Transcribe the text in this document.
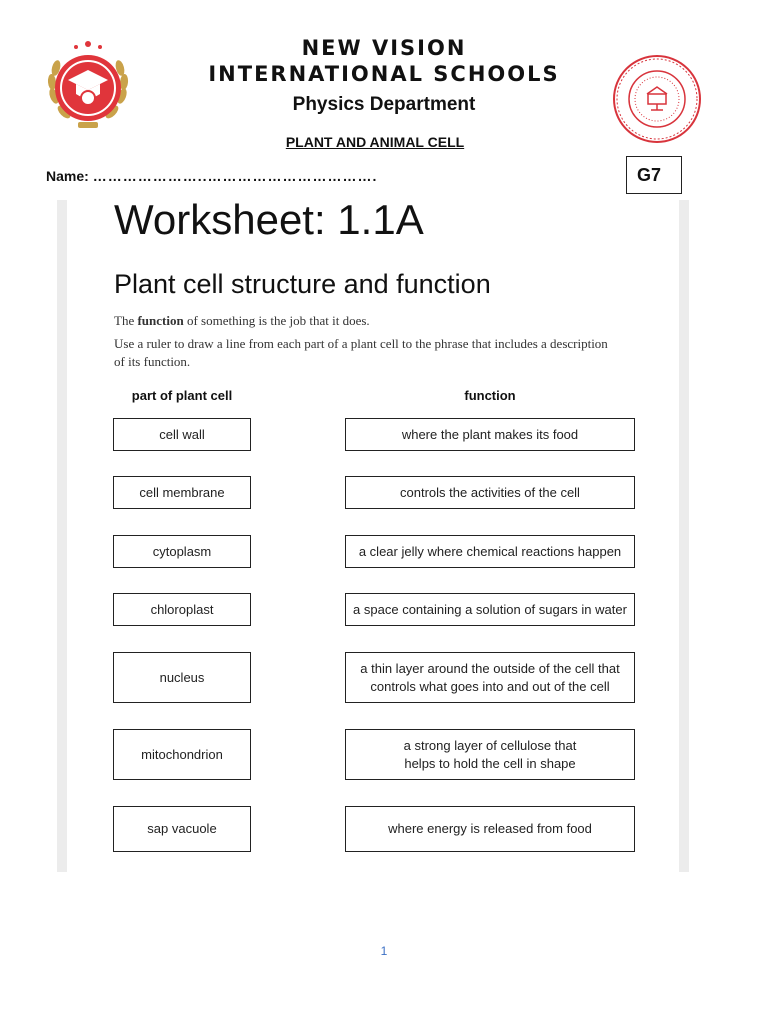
NEW VISION
INTERNATIONAL SCHOOLS
Physics Department
PLANT AND ANIMAL CELL
Name: …………………..…………………………….	G7
Worksheet: 1.1A
Plant cell structure and function
The function of something is the job that it does.
Use a ruler to draw a line from each part of a plant cell to the phrase that includes a description of its function.
part of plant cell	function
cell wall
cell membrane
cytoplasm
chloroplast
nucleus
mitochondrion
sap vacuole
where the plant makes its food
controls the activities of the cell
a clear jelly where chemical reactions happen
a space containing a solution of sugars in water
a thin layer around the outside of the cell that controls what goes into and out of the cell
a strong layer of cellulose that helps to hold the cell in shape
where energy is released from food
1
